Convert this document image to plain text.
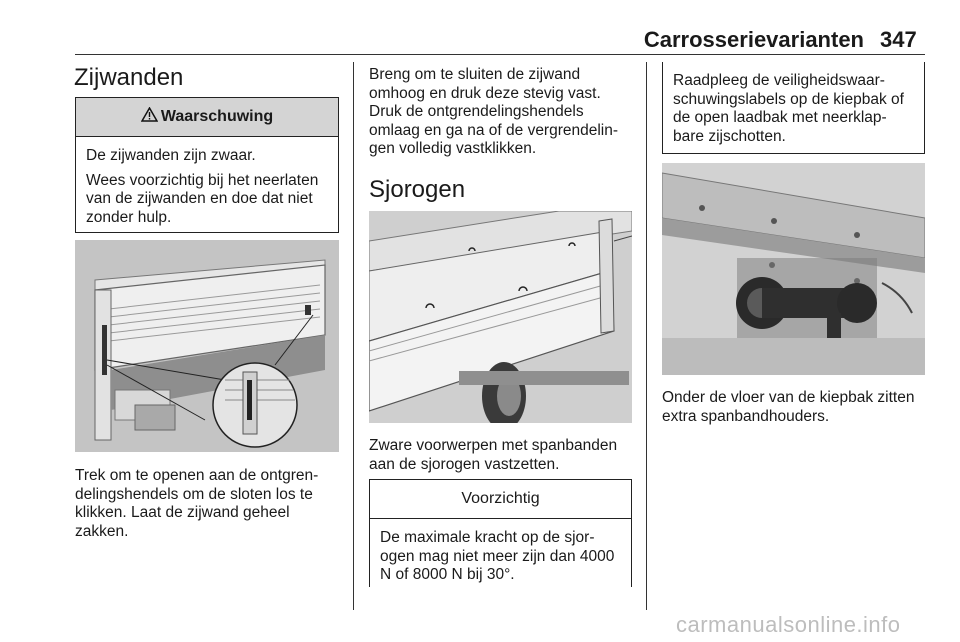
Carrosserievarianten 347
Zijwanden
Waarschuwing

De zijwanden zijn zwaar.

Wees voorzichtig bij het neerlaten van de zijwanden en doe dat niet zonder hulp.

Trek om te openen aan de ontgren-

delingshendels om de sloten los te

klikken. Laat de zijwand geheel

zakken.

Breng om te sluiten de zijwand

omhoog en druk deze stevig vast.

Druk de ontgrendelingshendels

omlaag en ga na of de vergrendelin-

gen volledig vastklikken.

Sjorogen

Zware voorwerpen met spanbanden

aan de sjorogen vastzetten.

Voorzichtig
De maximale kracht op de sjor-
ogen mag niet meer zijn dan 4000
N of 8000 N bij 30°.
Raadpleeg de veiligheidswaar-
schuwingslabels op de kiepbak of
de open laadbak met neerklap-
bare zijschotten.

Onder de vloer van de kiepbak zitten

extra spanbandhouders.

carmanualsonline.info
